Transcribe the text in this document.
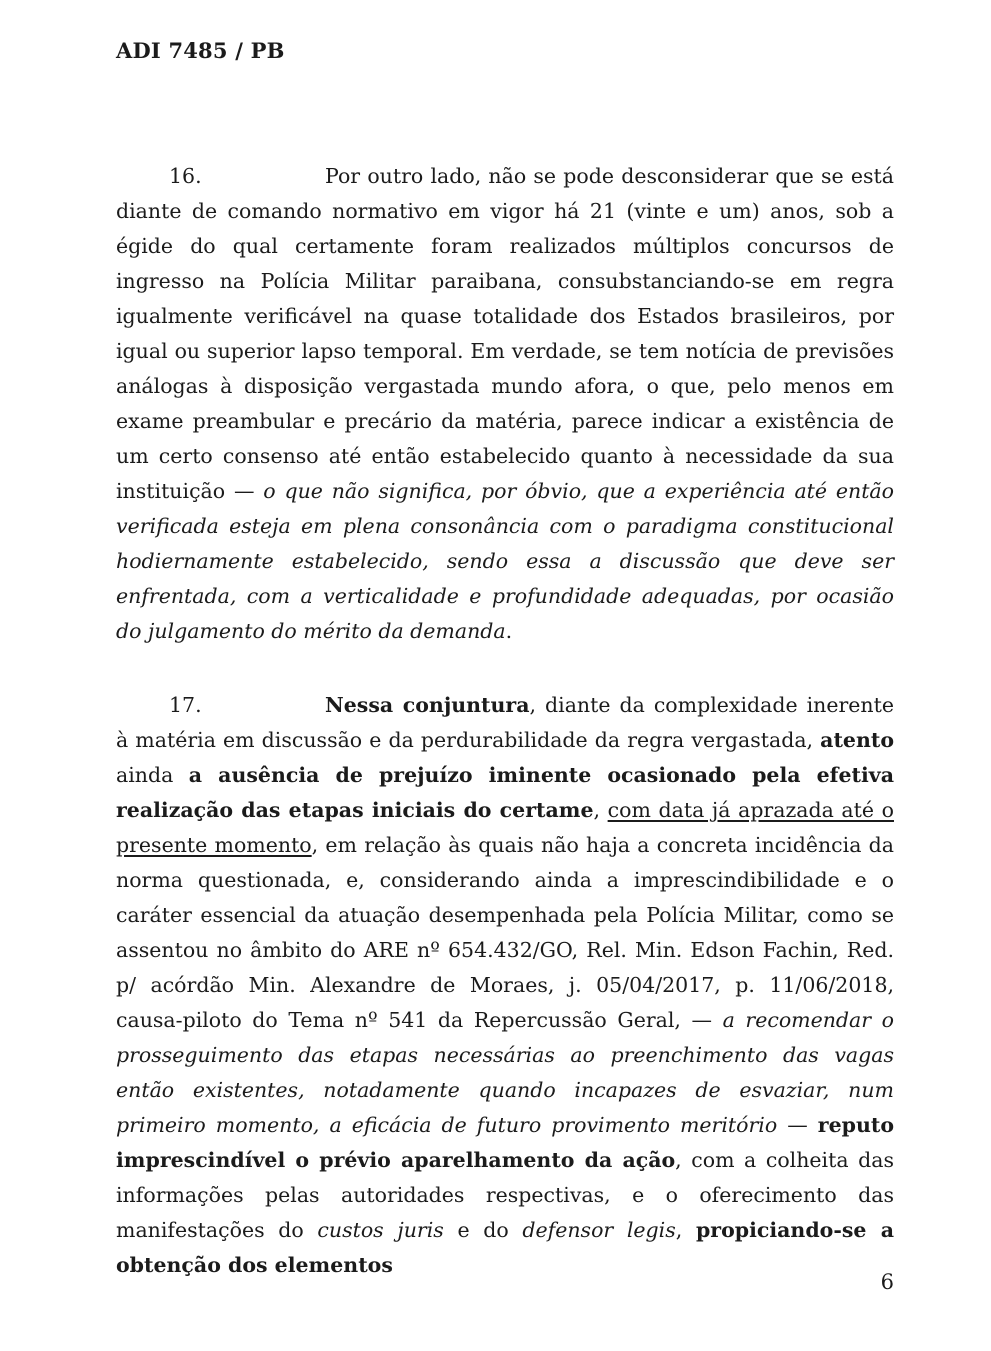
ADI 7485 / PB
16.	Por outro lado, não se pode desconsiderar que se está diante de comando normativo em vigor há 21 (vinte e um) anos, sob a égide do qual certamente foram realizados múltiplos concursos de ingresso na Polícia Militar paraibana, consubstanciando-se em regra igualmente verificável na quase totalidade dos Estados brasileiros, por igual ou superior lapso temporal. Em verdade, se tem notícia de previsões análogas à disposição vergastada mundo afora, o que, pelo menos em exame preambular e precário da matéria, parece indicar a existência de um certo consenso até então estabelecido quanto à necessidade da sua instituição — o que não significa, por óbvio, que a experiência até então verificada esteja em plena consonância com o paradigma constitucional hodiernamente estabelecido, sendo essa a discussão que deve ser enfrentada, com a verticalidade e profundidade adequadas, por ocasião do julgamento do mérito da demanda.
17.	Nessa conjuntura, diante da complexidade inerente à matéria em discussão e da perdurabilidade da regra vergastada, atento ainda a ausência de prejuízo iminente ocasionado pela efetiva realização das etapas iniciais do certame, com data já aprazada até o presente momento, em relação às quais não haja a concreta incidência da norma questionada, e, considerando ainda a imprescindibilidade e o caráter essencial da atuação desempenhada pela Polícia Militar, como se assentou no âmbito do ARE nº 654.432/GO, Rel. Min. Edson Fachin, Red. p/ acórdão Min. Alexandre de Moraes, j. 05/04/2017, p. 11/06/2018, causa-piloto do Tema nº 541 da Repercussão Geral, — a recomendar o prosseguimento das etapas necessárias ao preenchimento das vagas então existentes, notadamente quando incapazes de esvaziar, num primeiro momento, a eficácia de futuro provimento meritório — reputo imprescindível o prévio aparelhamento da ação, com a colheita das informações pelas autoridades respectivas, e o oferecimento das manifestações do custos juris e do defensor legis, propiciando-se a obtenção dos elementos
6
